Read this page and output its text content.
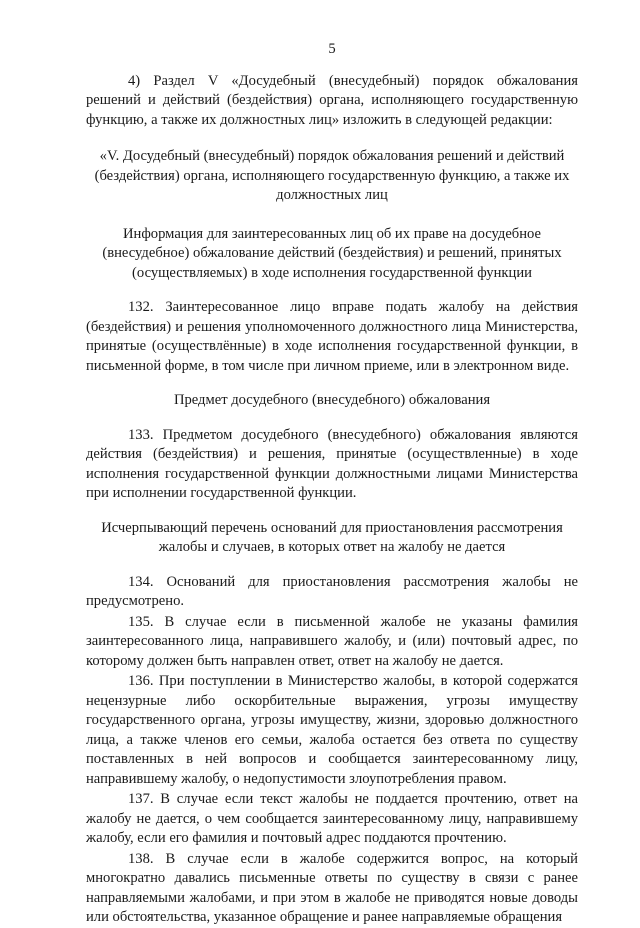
5

4) Раздел V «Досудебный (внесудебный) порядок обжалования решений и действий (бездействия) органа, исполняющего государственную функцию, а также их должностных лиц» изложить в следующей редакции:

«V. Досудебный (внесудебный) порядок обжалования решений и действий (бездействия) органа, исполняющего государственную функцию, а также их должностных лиц

Информация для заинтересованных лиц об их праве на досудебное (внесудебное) обжалование действий (бездействия) и решений, принятых (осуществляемых) в ходе исполнения государственной функции

132. Заинтересованное лицо вправе подать жалобу на действия (бездействия) и решения уполномоченного должностного лица Министерства, принятые (осуществлённые) в ходе исполнения государственной функции, в письменной форме, в том числе при личном приеме, или в электронном виде.

Предмет досудебного (внесудебного) обжалования

133. Предметом досудебного (внесудебного) обжалования являются действия (бездействия) и решения, принятые (осуществленные) в ходе исполнения государственной функции должностными лицами Министерства при исполнении государственной функции.

Исчерпывающий перечень оснований для приостановления рассмотрения жалобы и случаев, в которых ответ на жалобу не дается

134. Оснований для приостановления рассмотрения жалобы не предусмотрено.

135. В случае если в письменной жалобе не указаны фамилия заинтересованного лица, направившего жалобу, и (или) почтовый адрес, по которому должен быть направлен ответ, ответ на жалобу не дается.

136. При поступлении в Министерство жалобы, в которой содержатся нецензурные либо оскорбительные выражения, угрозы имуществу государственного органа, угрозы имуществу, жизни, здоровью должностного лица, а также членов его семьи, жалоба остается без ответа по существу поставленных в ней вопросов и сообщается заинтересованному лицу, направившему жалобу, о недопустимости злоупотребления правом.

137. В случае если текст жалобы не поддается прочтению, ответ на жалобу не дается, о чем сообщается заинтересованному лицу, направившему жалобу, если его фамилия и почтовый адрес поддаются прочтению.

138. В случае если в жалобе содержится вопрос, на который многократно давались письменные ответы по существу в связи с ранее направляемыми жалобами, и при этом в жалобе не приводятся новые доводы или обстоятельства, указанное обращение и ранее направляемые обращения
